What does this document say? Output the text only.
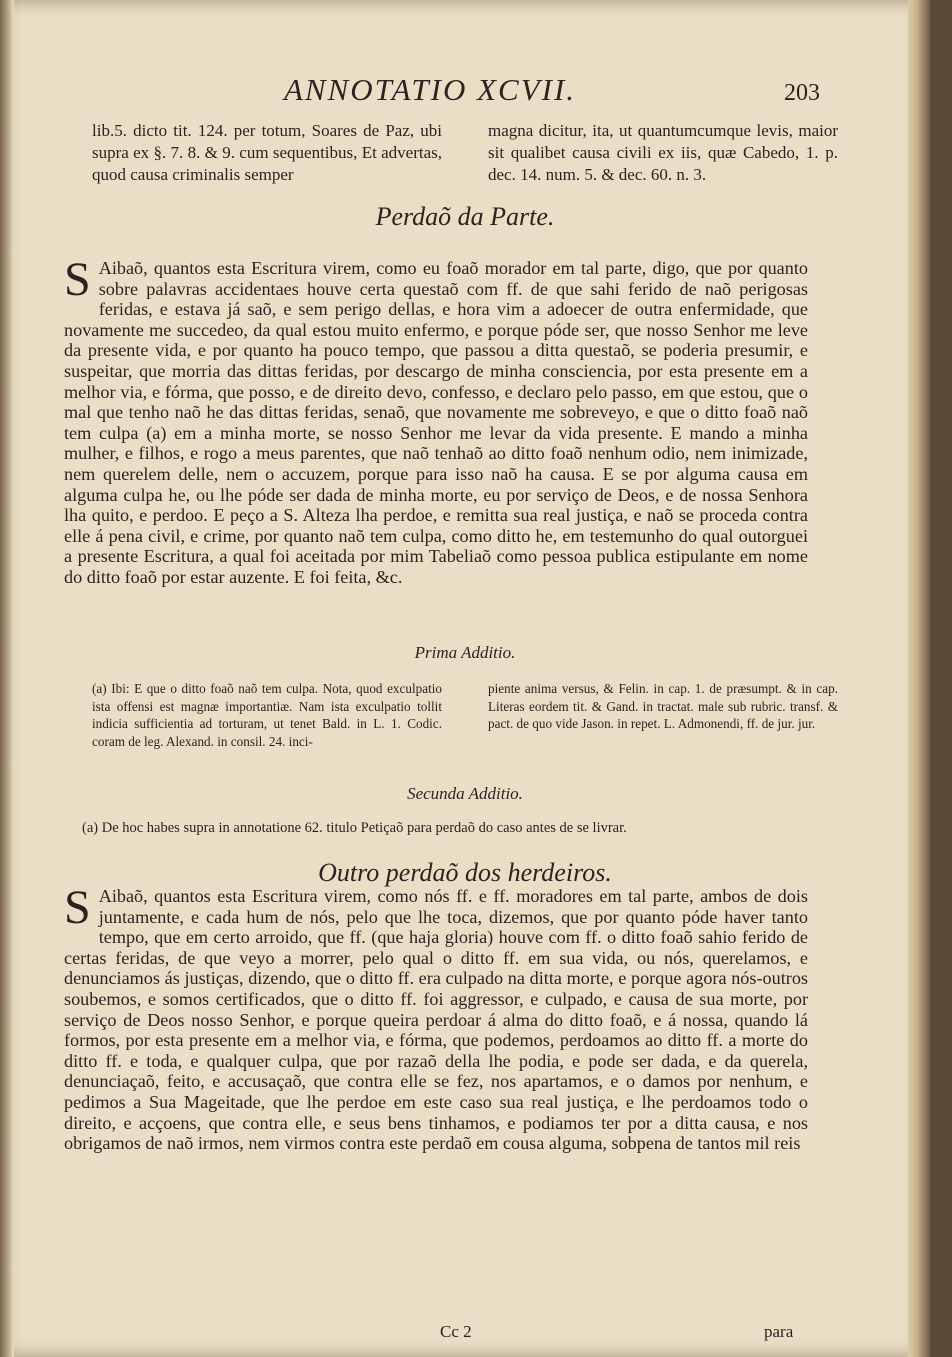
ANNOTATIO XCVII.	203

lib.5. dicto tit. 124. per totum, Soares de Paz, ubi supra ex §. 7. 8. & 9. cum sequentibus, Et advertas, quod causa criminalis semper

magna dicitur, ita, ut quantumcumque levis, maior sit qualibet causa civili ex iis, quæ Cabedo, 1. p. dec. 14. num. 5. & dec. 60. n. 3.

Perdaõ da Parte.

S Aibaõ, quantos esta Escritura virem, como eu foaõ morador em tal parte, digo, que por quanto sobre palavras accidentaes houve certa questaõ com ff. de que sahi ferido de naõ perigosas feridas, e estava já saõ, e sem perigo dellas, e hora vim a adoecer de outra enfermidade, que novamente me succedeo, da qual estou muito enfermo, e porque póde ser, que nosso Senhor me leve da presente vida, e por quanto ha pouco tempo, que passou a ditta questaõ, se poderia presumir, e suspeitar, que morria das dittas feridas, por descargo de minha consciencia, por esta presente em a melhor via, e fórma, que posso, e de direito devo, confesso, e declaro pelo passo, em que estou, que o mal que tenho naõ he das dittas feridas, senaõ, que novamente me sobreveyo, e que o ditto foaõ naõ tem culpa (a) em a minha morte, se nosso Senhor me levar da vida presente. E mando a minha mulher, e filhos, e rogo a meus parentes, que naõ tenhaõ ao ditto foaõ nenhum odio, nem inimizade, nem querelem delle, nem o accuzem, porque para isso naõ ha causa. E se por alguma causa em alguma culpa he, ou lhe póde ser dada de minha morte, eu por serviço de Deos, e de nossa Senhora lha quito, e perdoo. E peço a S. Alteza lha perdoe, e remitta sua real justiça, e naõ se proceda contra elle á pena civil, e crime, por quanto naõ tem culpa, como ditto he, em testemunho do qual outorguei a presente Escritura, a qual foi aceitada por mim Tabeliaõ como pessoa publica estipulante em nome do ditto foaõ por estar auzente. E foi feita, &c.

Prima Additio.

(a) Ibi: E que o ditto foaõ naõ tem culpa. Nota, quod exculpatio ista offensi est magnæ importantiæ. Nam ista exculpatio tollit indicia sufficientia ad torturam, ut tenet Bald. in L. 1. Codic. coram de leg. Alexand. in consil. 24. inci-

piente anima versus, & Felin. in cap. 1. de præsumpt. & in cap. Literas eordem tit. & Gand. in tractat. male sub rubric. transf. & pact. de quo vide Jason. in repet. L. Admonendi, ff. de jur. jur.

Secunda Additio.
(a) De hoc habes supra in annotatione 62. titulo Petiçaõ para perdaõ do caso antes de se livrar.
Outro perdaõ dos herdeiros.

S Aibaõ, quantos esta Escritura virem, como nós ff. e ff. moradores em tal parte, ambos de dois juntamente, e cada hum de nós, pelo que lhe toca, dizemos, que por quanto póde haver tanto tempo, que em certo arroido, que ff. (que haja gloria) houve com ff. o ditto foaõ sahio ferido de certas feridas, de que veyo a morrer, pelo qual o ditto ff. em sua vida, ou nós, querelamos, e denunciamos ás justiças, dizendo, que o ditto ff. era culpado na ditta morte, e porque agora nós-outros soubemos, e somos certificados, que o ditto ff. foi aggressor, e culpado, e causa de sua morte, por serviço de Deos nosso Senhor, e porque queira perdoar á alma do ditto foaõ, e á nossa, quando lá formos, por esta presente em a melhor via, e fórma, que podemos, perdoamos ao ditto ff. a morte do ditto ff. e toda, e qualquer culpa, que por razaõ della lhe podia, e pode ser dada, e da querela, denunciaçaõ, feito, e accusaçaõ, que contra elle se fez, nos apartamos, e o damos por nenhum, e pedimos a Sua Mageitade, que lhe perdoe em este caso sua real justiça, e lhe perdoamos todo o direito, e acçoens, que contra elle, e seus bens tinhamos, e podiamos ter por a ditta causa, e nos obrigamos de naõ irmos, nem virmos contra este perdaõ em cousa alguma, sobpena de tantos mil reis

Cc 2	para
